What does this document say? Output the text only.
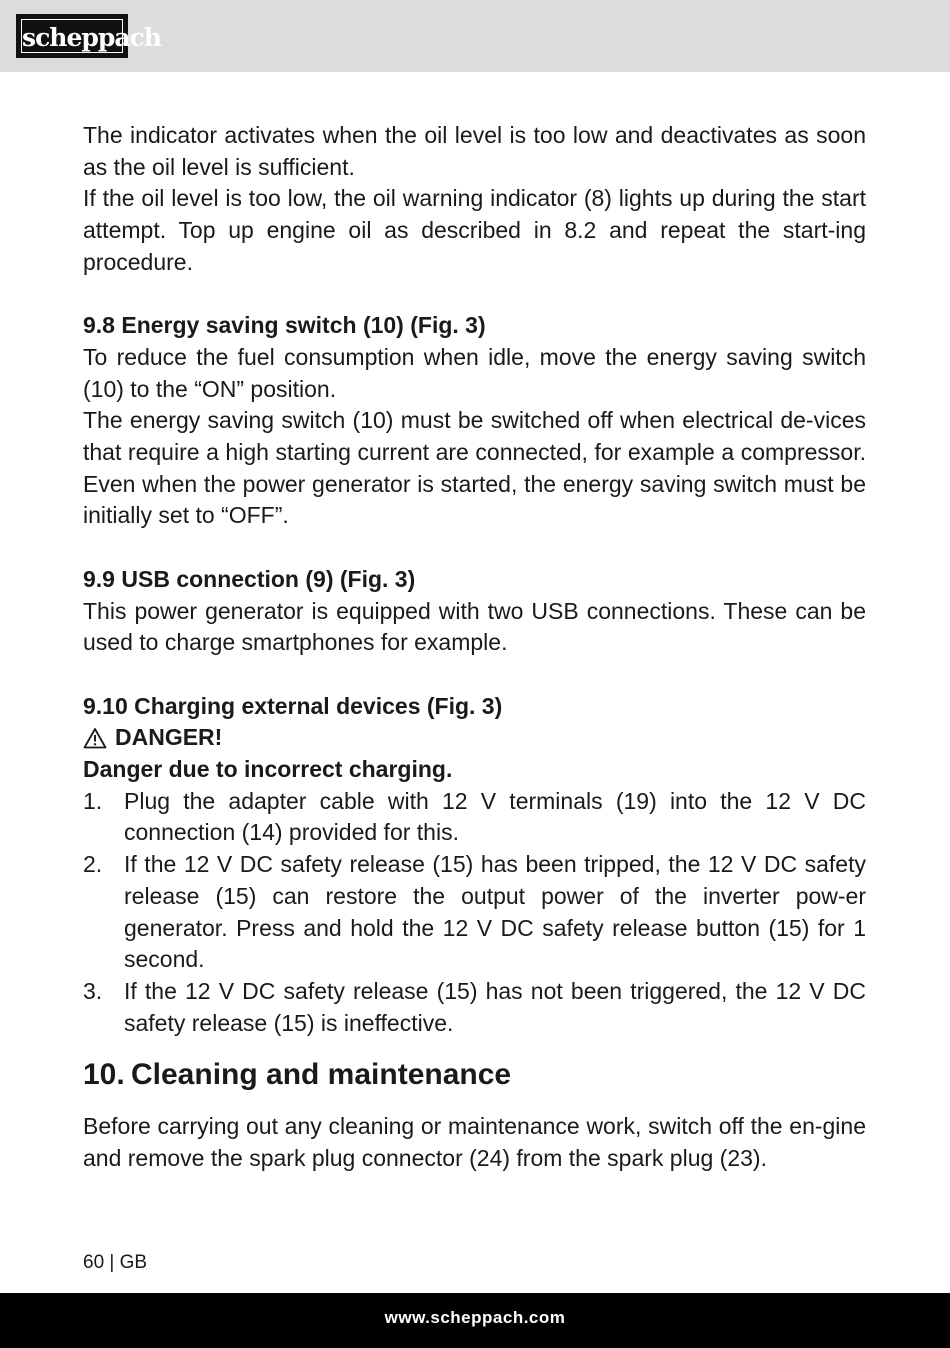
scheppach

The indicator activates when the oil level is too low and deactivates as soon as the oil level is sufficient.

If the oil level is too low, the oil warning indicator (8) lights up during the start attempt. Top up engine oil as described in 8.2 and repeat the start-ing procedure.

9.8 Energy saving switch (10) (Fig. 3)

To reduce the fuel consumption when idle, move the energy saving switch (10) to the “ON” position.

The energy saving switch (10) must be switched off when electrical de-vices that require a high starting current are connected, for example a compressor. Even when the power generator is started, the energy saving switch must be initially set to “OFF”.

9.9 USB connection (9) (Fig. 3)

This power generator is equipped with two USB connections. These can be used to charge smartphones for example.

9.10 Charging external devices (Fig. 3)

DANGER!

Danger due to incorrect charging.

1. Plug the adapter cable with 12 V terminals (19) into the 12 V DC connection (14) provided for this.
2. If the 12 V DC safety release (15) has been tripped, the 12 V DC safety release (15) can restore the output power of the inverter pow-er generator. Press and hold the 12 V DC safety release button (15) for 1 second.
3. If the 12 V DC safety release (15) has not been triggered, the 12 V DC safety release (15) is ineffective.
10. Cleaning and maintenance

Before carrying out any cleaning or maintenance work, switch off the en-gine and remove the spark plug connector (24) from the spark plug (23).

60 | GB
www.scheppach.com
